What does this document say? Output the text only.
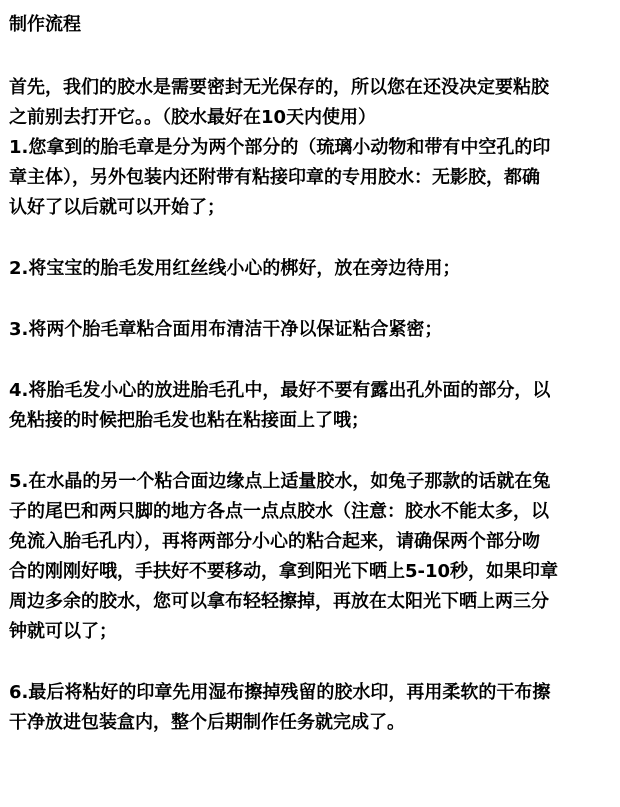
制作流程

首先，我们的胶水是需要密封无光保存的，所以您在还没决定要粘胶
之前别去打开它。。（胶水最好在10天内使用）

1.您拿到的胎毛章是分为两个部分的（琉璃小动物和带有中空孔的印
章主体），另外包装内还附带有粘接印章的专用胶水：无影胶，都确
认好了以后就可以开始了；

2.将宝宝的胎毛发用红丝线小心的梆好，放在旁边待用；

3.将两个胎毛章粘合面用布清洁干净以保证粘合紧密；

4.将胎毛发小心的放进胎毛孔中，最好不要有露出孔外面的部分，以
免粘接的时候把胎毛发也粘在粘接面上了哦；

5.在水晶的另一个粘合面边缘点上适量胶水，如兔子那款的话就在兔
子的尾巴和两只脚的地方各点一点点胶水（注意：胶水不能太多，以
免流入胎毛孔内），再将两部分小心的粘合起来，请确保两个部分吻
合的刚刚好哦，手扶好不要移动，拿到阳光下晒上5-10秒，如果印章
周边多余的胶水，您可以拿布轻轻擦掉，再放在太阳光下晒上两三分
钟就可以了；

6.最后将粘好的印章先用湿布擦掉残留的胶水印，再用柔软的干布擦
干净放进包装盒内，整个后期制作任务就完成了。
